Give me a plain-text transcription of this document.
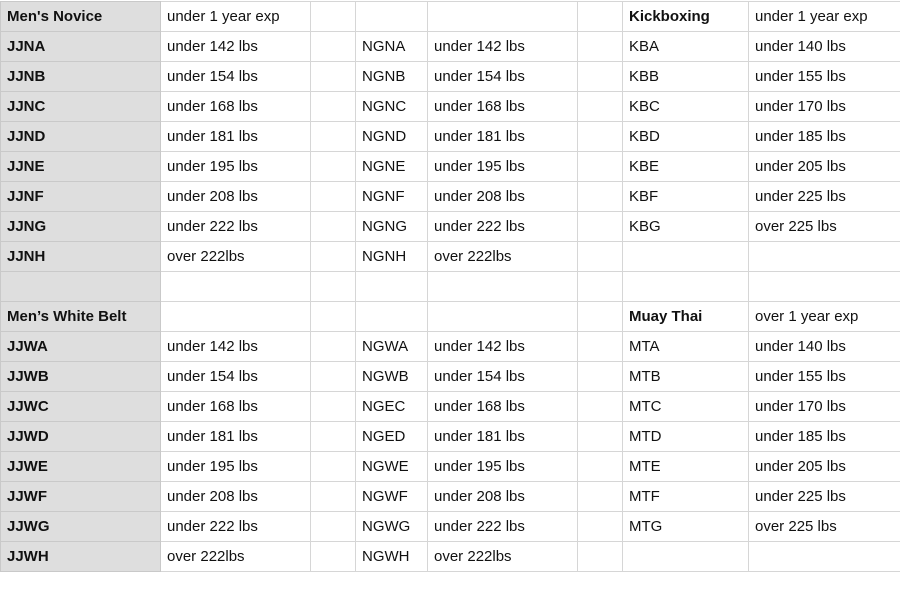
Men's Novice	under 1 year exp					Kickboxing	under 1 year exp
JJNA	under 142 lbs		NGNA	under 142 lbs		KBA	under 140 lbs
JJNB	under 154 lbs		NGNB	under 154 lbs		KBB	under 155 lbs
JJNC	under 168 lbs		NGNC	under 168 lbs		KBC	under 170 lbs
JJND	under 181 lbs		NGND	under 181 lbs		KBD	under 185 lbs
JJNE	under 195 lbs		NGNE	under 195 lbs		KBE	under 205 lbs
JJNF	under 208 lbs		NGNF	under 208 lbs		KBF	under 225 lbs
JJNG	under 222 lbs		NGNG	under 222 lbs		KBG	over 225 lbs
JJNH	over 222lbs		NGNH	over 222lbs			

Men’s White Belt						Muay Thai	over 1 year exp
JJWA	under 142 lbs		NGWA	under 142 lbs		MTA	under 140 lbs
JJWB	under 154 lbs		NGWB	under 154 lbs		MTB	under 155 lbs
JJWC	under 168 lbs		NGEC	under 168 lbs		MTC	under 170 lbs
JJWD	under 181 lbs		NGED	under 181 lbs		MTD	under 185 lbs
JJWE	under 195 lbs		NGWE	under 195 lbs		MTE	under 205 lbs
JJWF	under 208 lbs		NGWF	under 208 lbs		MTF	under 225 lbs
JJWG	under 222 lbs		NGWG	under 222 lbs		MTG	over 225 lbs
JJWH	over 222lbs		NGWH	over 222lbs			
